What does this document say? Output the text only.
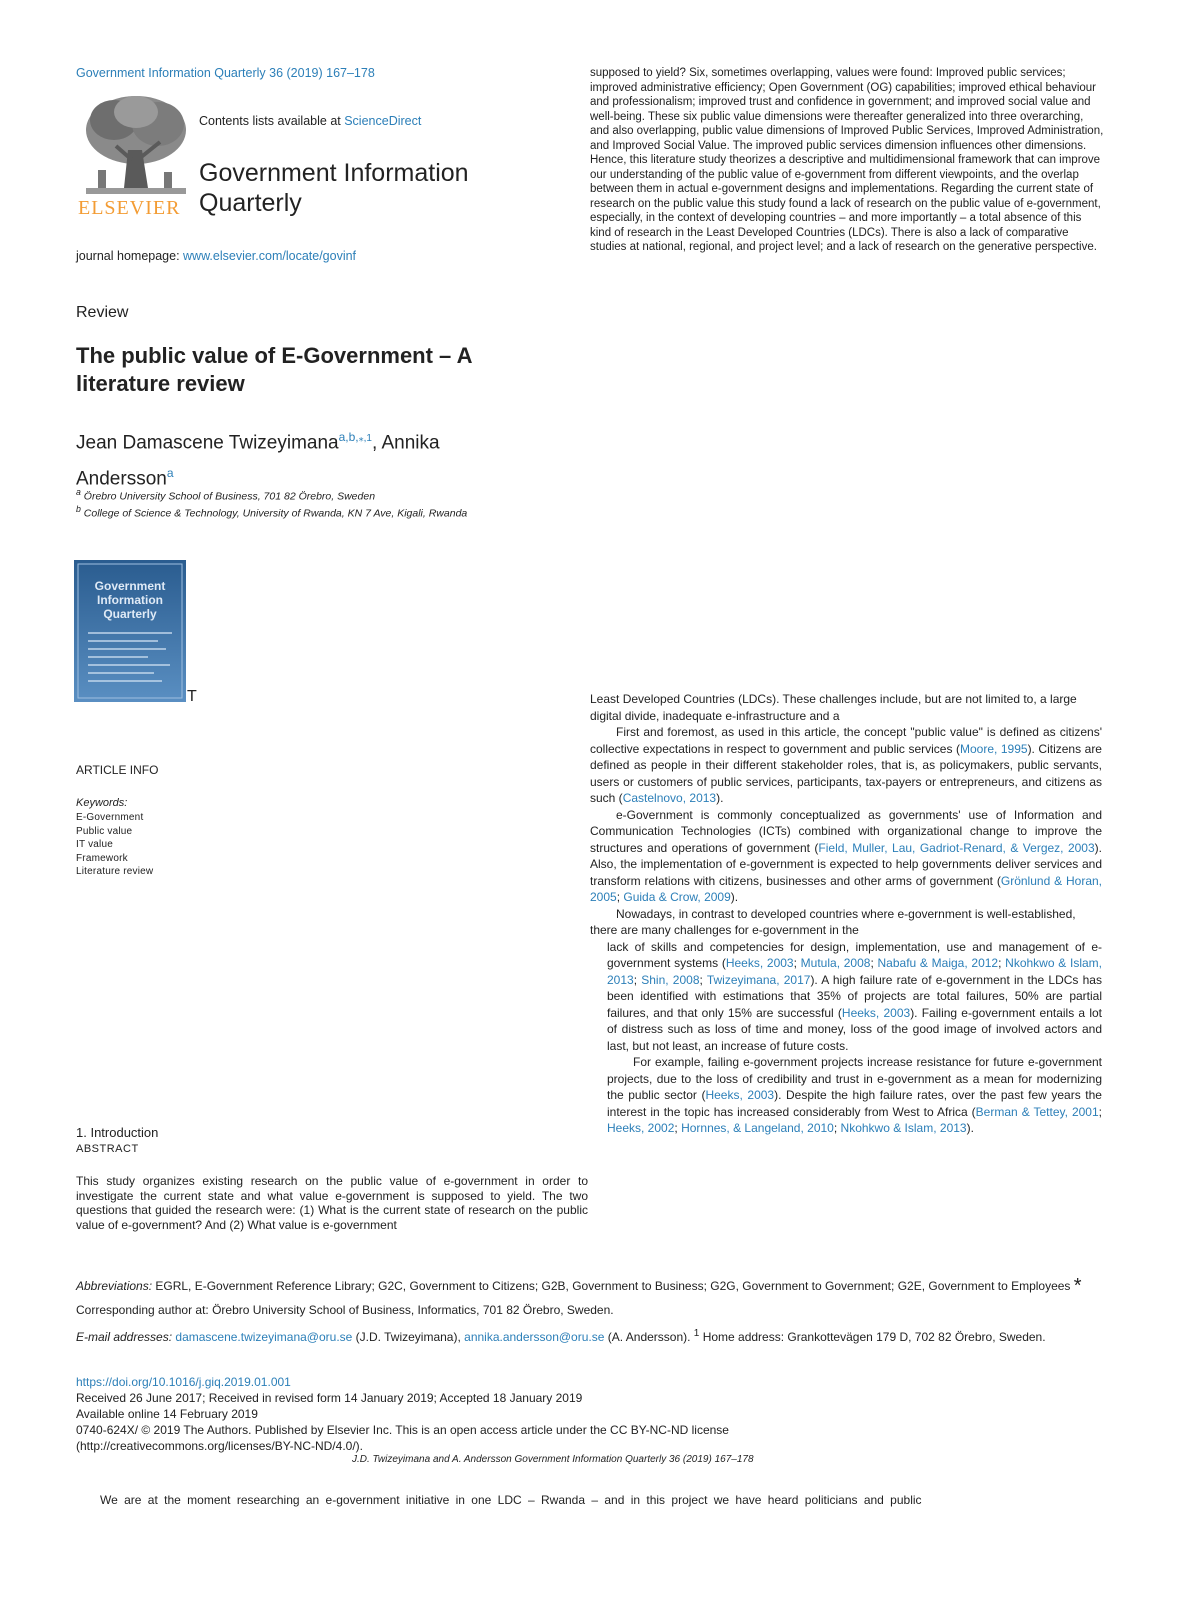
Government Information Quarterly 36 (2019) 167–178
ELSEVIER
Contents lists available at ScienceDirect
Government Information
Quarterly
journal homepage: www.elsevier.com/locate/govinf
Review
The public value of E-Government – A literature review
Jean Damascene Twizeyimana$^{a,b,⁎,1}$, Annika
Andersson$^a$
$^a$ Örebro University School of Business, 701 82 Örebro, Sweden
$^b$ College of Science & Technology, University of Rwanda, KN 7 Ave, Kigali, Rwanda
Government
Information
Quarterly
T
ARTICLE INFO
Keywords:
E-Government
Public value
IT value
Framework
Literature review
1. Introduction
ABSTRACT
This study organizes existing research on the public value of e-government in order to investigate the current state and what value e-government is supposed to yield. The two questions that guided the research were: (1) What is the current state of research on the public value of e-government? And (2) What value is e-government
supposed to yield? Six, sometimes overlapping, values were found: Improved public services; improved administrative efficiency; Open Government (OG) capabilities; improved ethical behaviour and professionalism; improved trust and confidence in government; and improved social value and well-being. These six public value dimensions were thereafter generalized into three overarching, and also overlapping, public value dimensions of Improved Public Services, Improved Administration, and Improved Social Value. The improved public services dimension influences other dimensions. Hence, this literature study theorizes a descriptive and multidimensional framework that can improve our understanding of the public value of e-government from different viewpoints, and the overlap between them in actual e-government designs and implementations. Regarding the current state of research on the public value this study found a lack of research on the public value of e-government, especially, in the context of developing countries – and more importantly – a total absence of this kind of research in the Least Developed Countries (LDCs). There is also a lack of comparative studies at national, regional, and project level; and a lack of research on the generative perspective.

Least Developed Countries (LDCs). These challenges include, but are not limited to, a large digital divide, inadequate e-infrastructure and a

First and foremost, as used in this article, the concept "public value" is defined as citizens' collective expectations in respect to government and public services (Moore, 1995). Citizens are defined as people in their different stakeholder roles, that is, as policymakers, public servants, users or customers of public services, participants, tax-payers or entrepreneurs, and citizens as such (Castelnovo, 2013).

e-Government is commonly conceptualized as governments' use of Information and Communication Technologies (ICTs) combined with organizational change to improve the structures and operations of government (Field, Muller, Lau, Gadriot-Renard, & Vergez, 2003). Also, the implementation of e-government is expected to help governments deliver services and transform relations with citizens, businesses and other arms of government (Grönlund & Horan, 2005; Guida & Crow, 2009).

Nowadays, in contrast to developed countries where e-government is well-established, there are many challenges for e-government in the

lack of skills and competencies for design, implementation, use and management of e-government systems (Heeks, 2003; Mutula, 2008; Nabafu & Maiga, 2012; Nkohkwo & Islam, 2013; Shin, 2008; Twizeyimana, 2017). A high failure rate of e-government in the LDCs has been identified with estimations that 35% of projects are total failures, 50% are partial failures, and that only 15% are successful (Heeks, 2003). Failing e-government entails a lot of distress such as loss of time and money, loss of the good image of involved actors and last, but not least, an increase of future costs.

For example, failing e-government projects increase resistance for future e-government projects, due to the loss of credibility and trust in e-government as a mean for modernizing the public sector (Heeks, 2003). Despite the high failure rates, over the past few years the interest in the topic has increased considerably from West to Africa (Berman & Tettey, 2001; Heeks, 2002; Hornnes, & Langeland, 2010; Nkohkwo & Islam, 2013).

Abbreviations: EGRL, E-Government Reference Library; G2C, Government to Citizens; G2B, Government to Business; G2G, Government to Government; G2E, Government to Employees * Corresponding author at: Örebro University School of Business, Informatics, 701 82 Örebro, Sweden.
E-mail addresses: damascene.twizeyimana@oru.se (J.D. Twizeyimana), annika.andersson@oru.se (A. Andersson). $^1$ Home address: Grankottevägen 179 D, 702 82 Örebro, Sweden.
https://doi.org/10.1016/j.giq.2019.01.001
Received 26 June 2017; Received in revised form 14 January 2019; Accepted 18 January 2019
Available online 14 February 2019
0740-624X/ © 2019 The Authors. Published by Elsevier Inc. This is an open access article under the CC BY-NC-ND license
(http://creativecommons.org/licenses/BY-NC-ND/4.0/).
J.D. Twizeyimana and A. Andersson Government Information Quarterly 36 (2019) 167–178
We are at the moment researching an e-government initiative in one LDC – Rwanda – and in this project we have heard politicians and public
